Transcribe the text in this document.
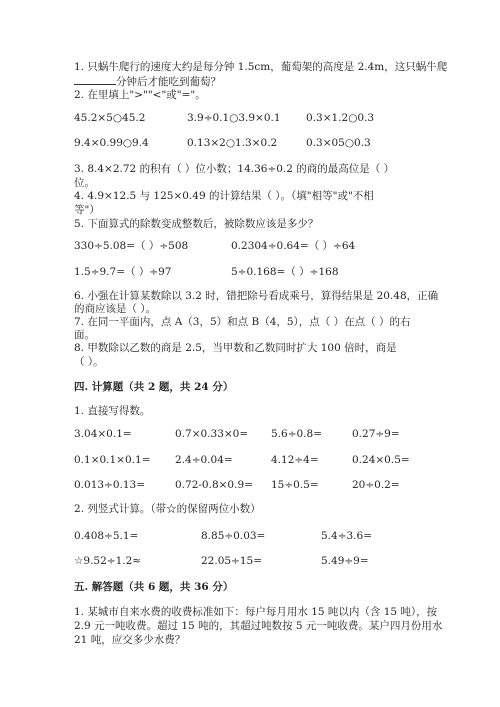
1. 只蜗牛爬行的速度大约是每分钟 1.5cm，葡萄架的高度是 2.4m，这只蜗牛爬
分钟后才能吃到葡萄？
2. 在里填上">""<"或"="。
45.2×5○45.2	3.9÷0.1○3.9×0.1 0.3×1.2○0.3
9.4×0.99○9.4	0.13×2○1.3×0.2	0.3×05○0.3
3. 8.4×2.72 的积有（ ）位小数；14.36÷0.2 的商的最高位是（ ）
位。
4. 4.9×12.5 与 125×0.49 的计算结果（ ）。（填"相等"或"不相
等"）
5. 下面算式的除数变成整数后，被除数应该是多少？
330÷5.08=（ ）÷508	0.2304÷0.64=（ ）÷64
1.5÷9.7=（ ）÷97	5÷0.168=（ ）÷168
6. 小强在计算某数除以 3.2 时，错把除号看成乘号，算得结果是 20.48，正确
的商应该是（ ）。
7. 在同一平面内，点 A（3，5）和点 B（4，5），点（ ）在点（ ）的右
面。
8. 甲数除以乙数的商是 2.5，当甲数和乙数同时扩大 100 倍时，商是
（ ）。
四. 计算题（共 2 题，共 24 分）
1. 直接写得数。
3.04×0.1=	0.7×0.33×0= 5.6÷0.8=	0.27÷9=
0.1×0.1×0.1= 2.4÷0.04=	4.12÷4=	0.24×0.5=
0.013÷0.13=	0.72-0.8×0.9= 15÷0.5=	20÷0.2=
2. 列竖式计算。（带☆的保留两位小数）
0.408÷5.1=	8.85÷0.03=	5.4÷3.6=
☆9.52÷1.2≈	22.05÷15=	5.49÷9=
五. 解答题（共 6 题，共 36 分）
1. 某城市自来水费的收费标准如下：每户每月用水 15 吨以内（含 15 吨），按
2.9 元一吨收费。超过 15 吨的，其超过吨数按 5 元一吨收费。某户四月份用水
21 吨，应交多少水费？
